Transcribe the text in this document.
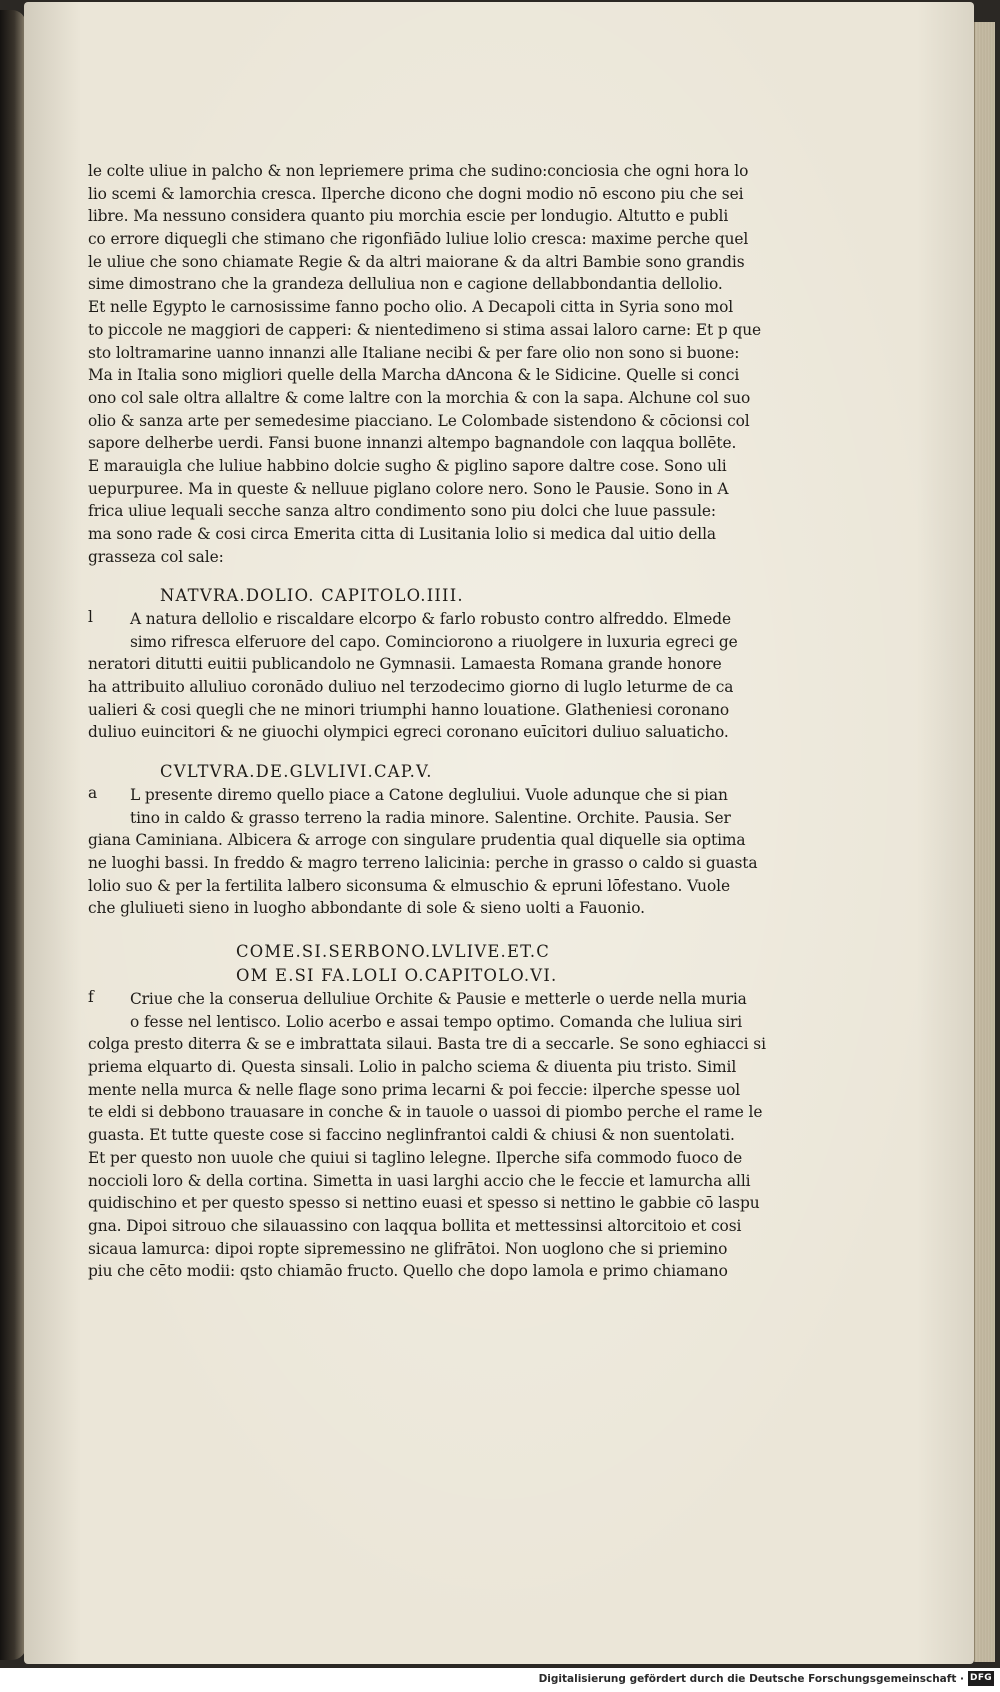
le colte uliue in palcho & non lepriemere prima che sudino:conciosia che ogni hora lo
lio scemi & lamorchia cresca. Ilperche dicono che dogni modio nō escono piu che sei
libre. Ma nessuno considera quanto piu morchia escie per londugio. Altutto e publi
co errore diquegli che stimano che rigonfiādo luliue lolio cresca: maxime perche quel
le uliue che sono chiamate Regie & da altri maiorane & da altri Bambie sono grandis
sime dimostrano che la grandeza delluliua non e cagione dellabbondantia dellolio.
Et nelle Egypto le carnosissime fanno pocho olio. A Decapoli citta in Syria sono mol
to piccole ne maggiori de capperi: & nientedimeno si stima assai laloro carne: Et p que
sto loltramarine uanno innanzi alle Italiane necibi & per fare olio non sono si buone:
Ma in Italia sono migliori quelle della Marcha dAncona & le Sidicine. Quelle si conci
ono col sale oltra allaltre & come laltre con la morchia & con la sapa. Alchune col suo
olio & sanza arte per semedesime piacciano. Le Colombade sistendono & cōcionsi col
sapore delherbe uerdi. Fansi buone innanzi altempo bagnandole con laqqua bollēte.
E marauigla che luliue habbino dolcie sugho & piglino sapore daltre cose. Sono uli
uepurpuree. Ma in queste & nelluue piglano colore nero. Sono le Pausie. Sono in A
frica uliue lequali secche sanza altro condimento sono piu dolci che luue passule:
ma sono rade & cosi circa Emerita citta di Lusitania lolio si medica dal uitio della
grasseza col sale:
NATVRA.DOLIO. CAPITOLO.IIII.
l	A natura dellolio e riscaldare elcorpo & farlo robusto contro alfreddo. Elmede
simo rifresca elferuore del capo. Cominciorono a riuolgere in luxuria egreci ge
neratori ditutti euitii publicandolo ne Gymnasii. Lamaesta Romana grande honore
ha attribuito alluliuo coronādo duliuo nel terzodecimo giorno di luglo leturme de ca
ualieri & cosi quegli che ne minori triumphi hanno louatione. Glatheniesi coronano
duliuo euincitori & ne giuochi olympici egreci coronano euīcitori duliuo saluaticho.
CVLTVRA.DE.GLVLIVI.CAP.V.
a	L presente diremo quello piace a Catone degluliui. Vuole adunque che si pian
tino in caldo & grasso terreno la radia minore. Salentine. Orchite. Pausia. Ser
giana Caminiana. Albicera & arroge con singulare prudentia qual diquelle sia optima
ne luoghi bassi. In freddo & magro terreno lalicinia: perche in grasso o caldo si guasta
lolio suo & per la fertilita lalbero siconsuma & elmuschio & epruni lōfestano. Vuole
che gluliueti sieno in luogho abbondante di sole & sieno uolti a Fauonio.
COME.SI.SERBONO.LVLIVE.ET.C
OM E.SI FA.LOLI O.CAPITOLO.VI.
f	Criue che la conserua delluliue Orchite & Pausie e metterle o uerde nella muria
o fesse nel lentisco. Lolio acerbo e assai tempo optimo. Comanda che luliua siri
colga presto diterra & se e imbrattata silaui. Basta tre di a seccarle. Se sono eghiacci si
priema elquarto di. Questa sinsali. Lolio in palcho sciema & diuenta piu tristo. Simil
mente nella murca & nelle flage sono prima lecarni & poi feccie: ilperche spesse uol
te eldi si debbono trauasare in conche & in tauole o uassoi di piombo perche el rame le
guasta. Et tutte queste cose si faccino neglinfrantoi caldi & chiusi & non suentolati.
Et per questo non uuole che quiui si taglino lelegne. Ilperche sifa commodo fuoco de
noccioli loro & della cortina. Simetta in uasi larghi accio che le feccie et lamurcha alli
quidischino et per questo spesso si nettino euasi et spesso si nettino le gabbie cō laspu
gna. Dipoi sitrouo che silauassino con laqqua bollita et mettessinsi altorcitoio et cosi
sicaua lamurca: dipoi ropte sipremessino ne glifrātoi. Non uoglono che si priemino
piu che cēto modii: qsto chiamāo fructo. Quello che dopo lamola e primo chiamano
Digitalisierung gefördert durch die Deutsche Forschungsgemeinschaft · DFG
